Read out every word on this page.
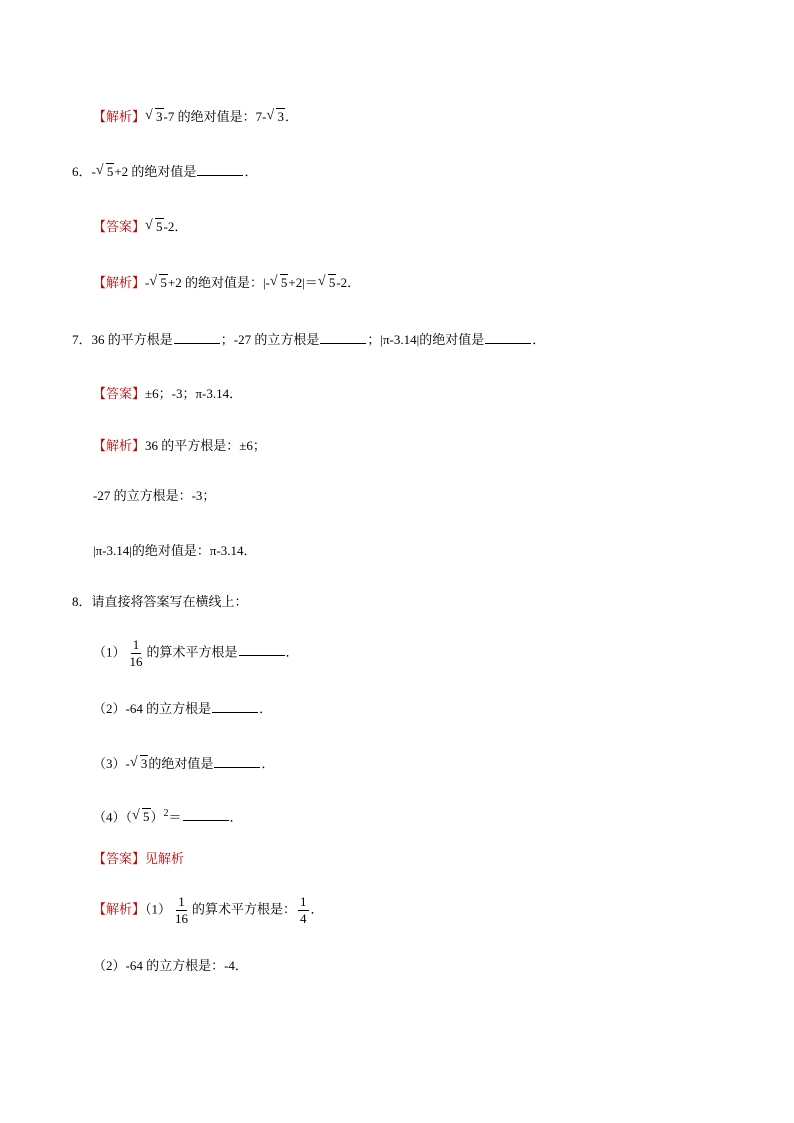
【解析】 √ 3-7 的绝对值是：7- √ 3．
6．- √ 5+2 的绝对值是	．
【答案】 √ 5-2．
【解析】- √ 5+2 的绝对值是：|- √ 5+2|＝ √ 5-2．
7．36 的平方根是	；-27 的立方根是	；|π-3.14|的绝对值是	．
【答案】±6；-3；π-3.14．
【解析】36 的平方根是：±6；
-27 的立方根是：-3；
|π-3.14|的绝对值是：π-3.14．
8．请直接将答案写在横线上：
$(1) \frac{1}{16}$ 的算术平方根是	．
（2）-64 的立方根是	．
（3）- √ 3的绝对值是	．
（4）（ √ 5）$^2$＝	．
【答案】见解析
【解析】$(1) \frac{1}{16}$ 的算术平方根是： $\frac{1}{4}$ ．
（2）-64 的立方根是：-4．
